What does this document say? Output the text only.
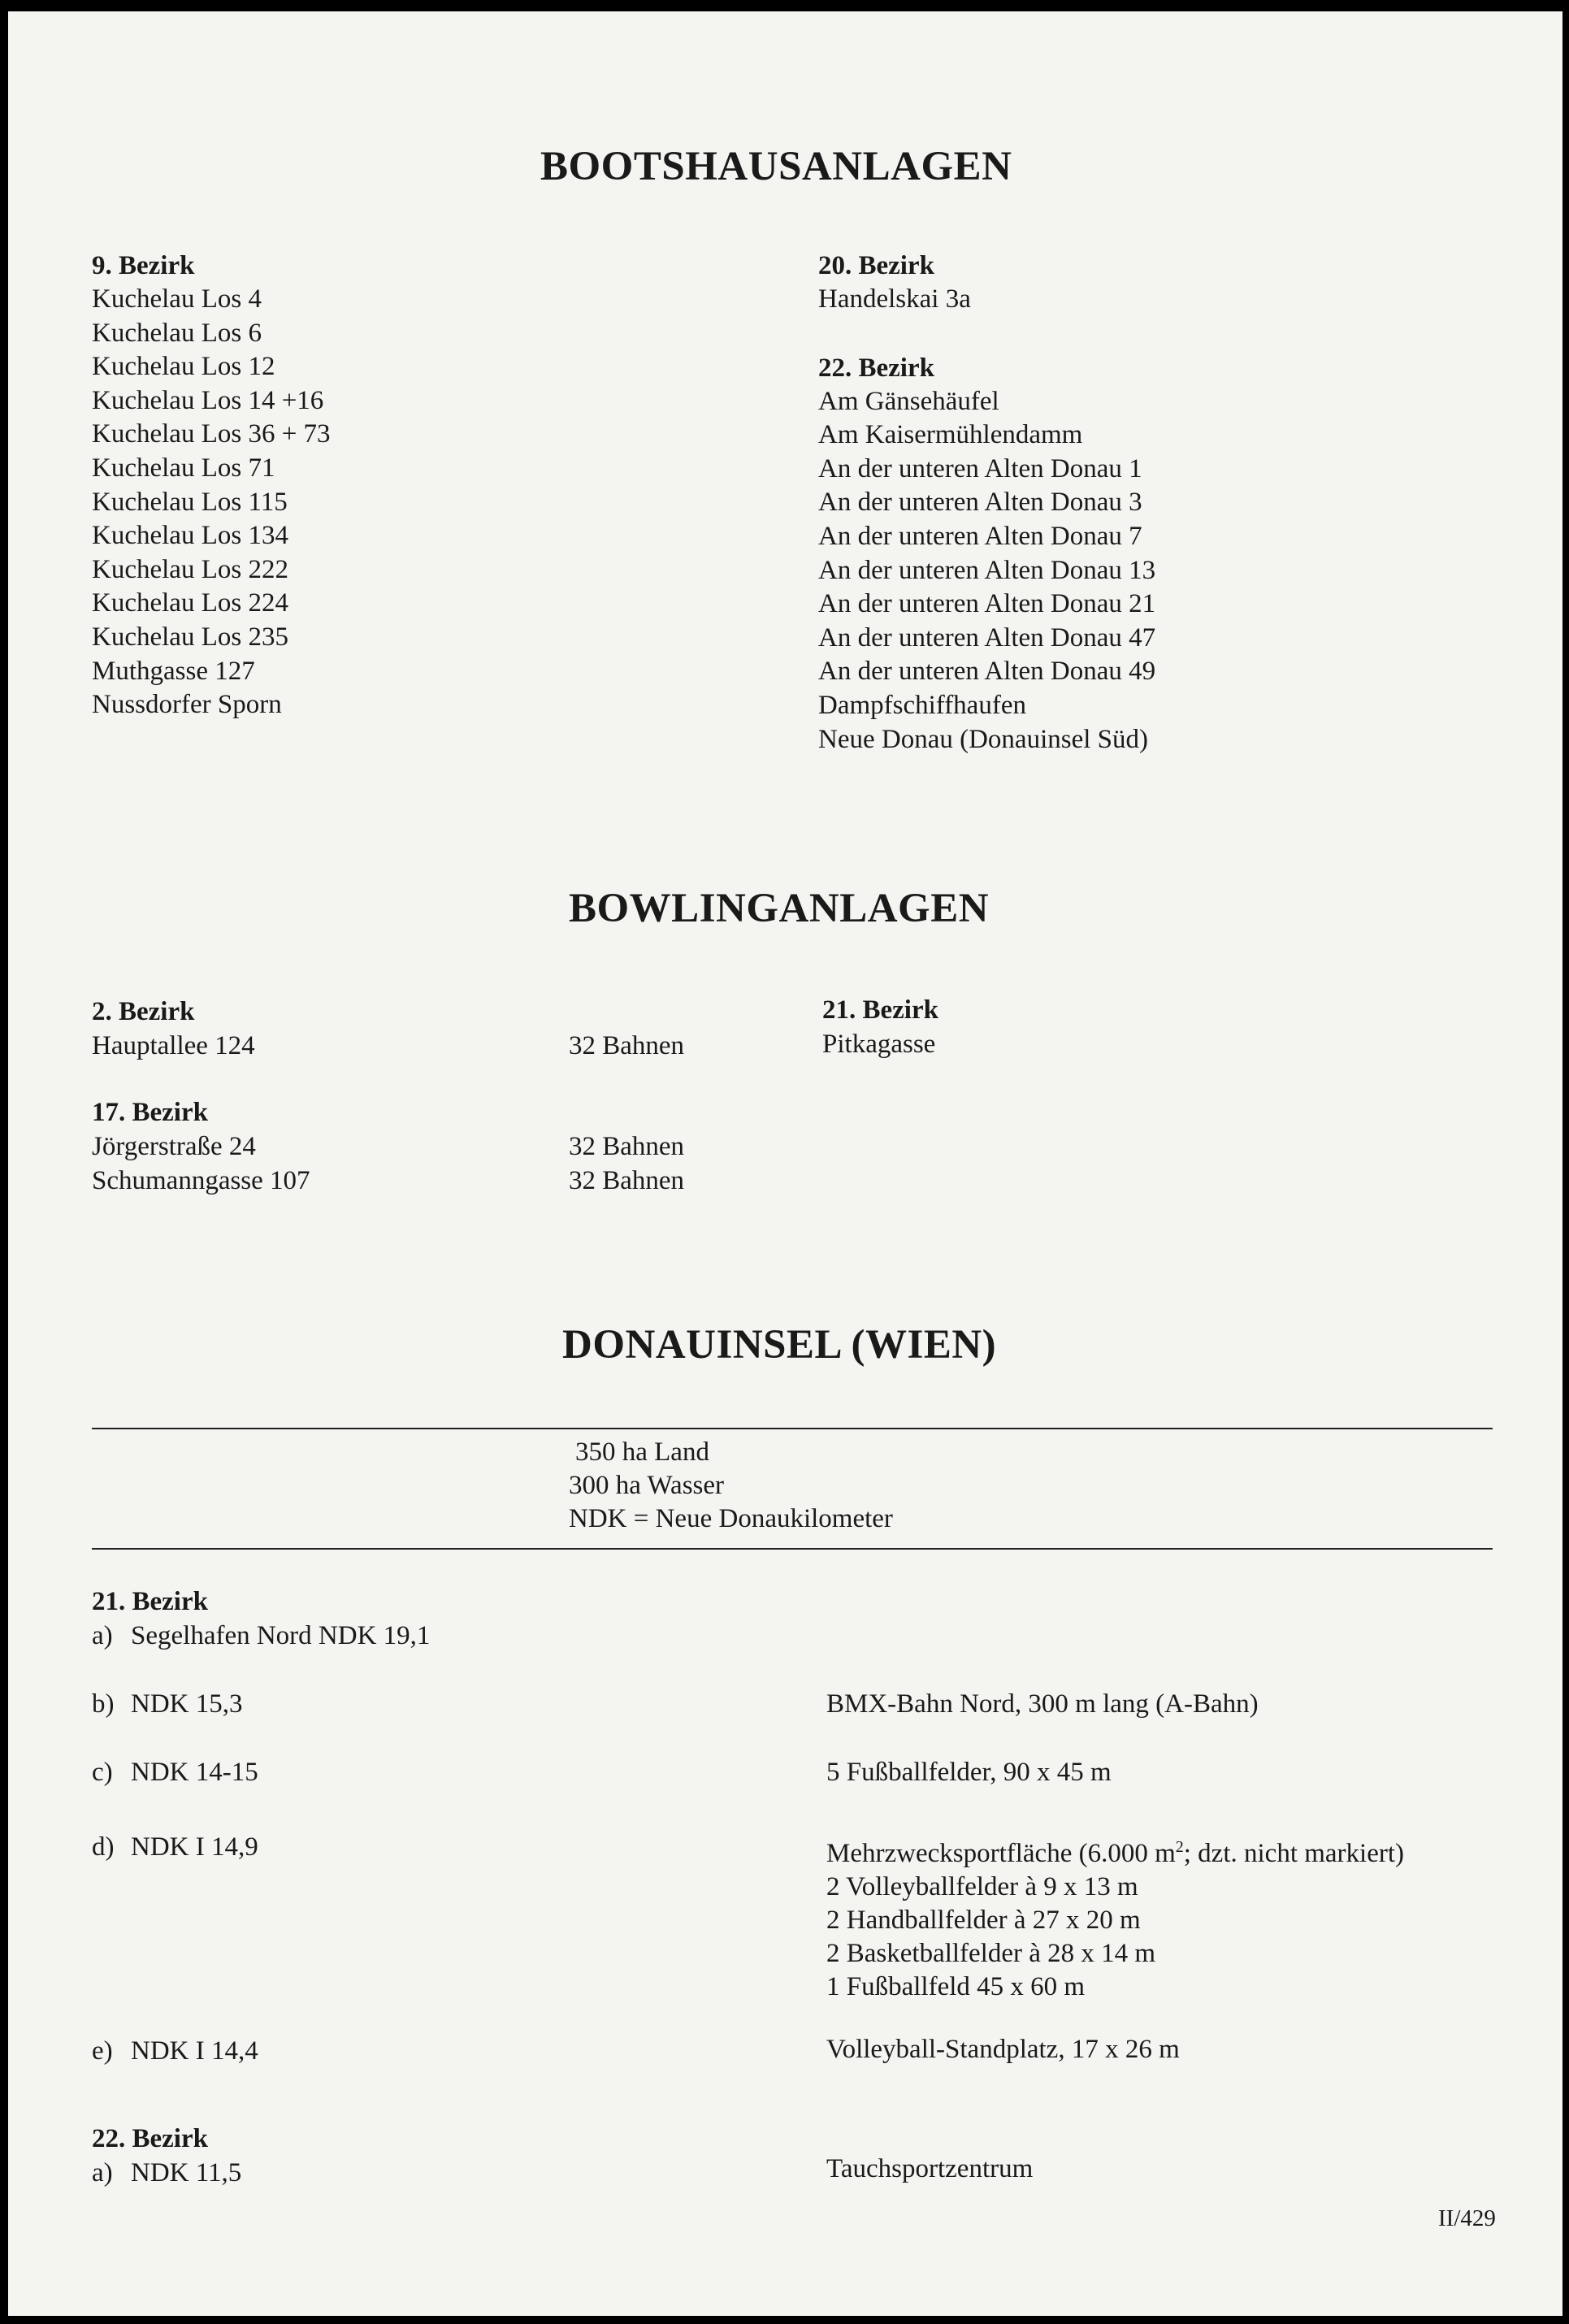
BOOTSHAUSANLAGEN
9. Bezirk
Kuchelau Los 4
Kuchelau Los 6
Kuchelau Los 12
Kuchelau Los 14 +16
Kuchelau Los 36 + 73
Kuchelau Los 71
Kuchelau Los 115
Kuchelau Los 134
Kuchelau Los 222
Kuchelau Los 224
Kuchelau Los 235
Muthgasse 127
Nussdorfer Sporn
20. Bezirk
Handelskai 3a
22. Bezirk
Am Gänsehäufel
Am Kaisermühlendamm
An der unteren Alten Donau 1
An der unteren Alten Donau 3
An der unteren Alten Donau 7
An der unteren Alten Donau 13
An der unteren Alten Donau 21
An der unteren Alten Donau 47
An der unteren Alten Donau 49
Dampfschiffhaufen
Neue Donau (Donauinsel Süd)
BOWLINGANLAGEN
2. Bezirk
Hauptallee 124	32 Bahnen
17. Bezirk
Jörgerstraße 24	32 Bahnen
Schumanngasse 107	32 Bahnen
21. Bezirk
Pitkagasse
DONAUINSEL (WIEN)
350 ha Land
300 ha Wasser
NDK = Neue Donaukilometer
21. Bezirk
a) Segelhafen Nord NDK 19,1
b) NDK 15,3	BMX-Bahn Nord, 300 m lang (A-Bahn)
c) NDK 14-15	5 Fußballfelder, 90 x 45 m
d) NDK I 14,9	Mehrzwecksportfläche (6.000 $m^2$; dzt. nicht markiert)
2 Volleyballfelder à 9 x 13 m
2 Handballfelder à 27 x 20 m
2 Basketballfelder à 28 x 14 m
1 Fußballfeld 45 x 60 m
e) NDK I 14,4	Volleyball-Standplatz, 17 x 26 m
22. Bezirk
a) NDK 11,5	Tauchsportzentrum
II/429
